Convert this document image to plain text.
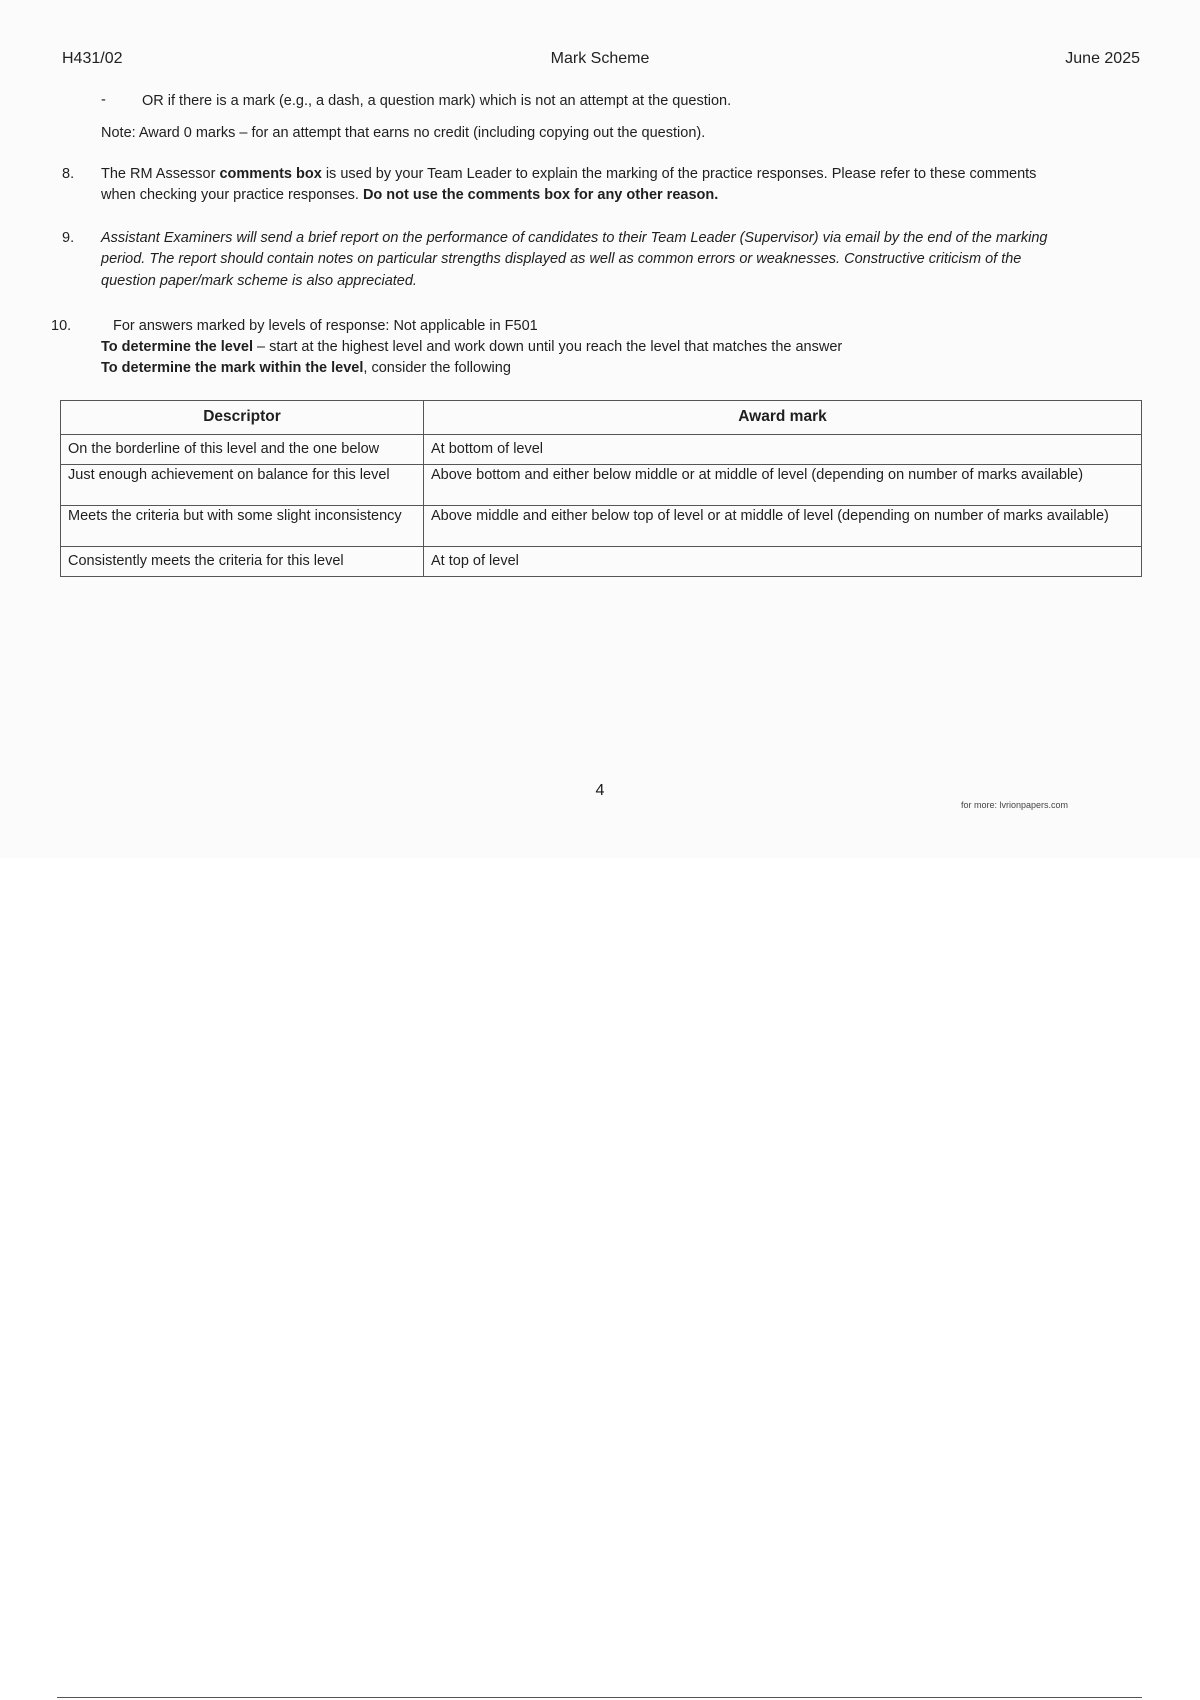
H431/02	Mark Scheme	June 2025
- OR if there is a mark (e.g., a dash, a question mark) which is not an attempt at the question.
Note: Award 0 marks – for an attempt that earns no credit (including copying out the question).
8. The RM Assessor comments box is used by your Team Leader to explain the marking of the practice responses. Please refer to these comments
when checking your practice responses. Do not use the comments box for any other reason.
9. Assistant Examiners will send a brief report on the performance of candidates to their Team Leader (Supervisor) via email by the end of the marking
period. The report should contain notes on particular strengths displayed as well as common errors or weaknesses. Constructive criticism of the
question paper/mark scheme is also appreciated.
10.	For answers marked by levels of response: Not applicable in F501
To determine the level – start at the highest level and work down until you reach the level that matches the answer
To determine the mark within the level, consider the following
Descriptor	Award mark
On the borderline of this level and the one below	At bottom of level
Just enough achievement on balance for this level	Above bottom and either below middle or at middle of level (depending on number of marks available)
Meets the criteria but with some slight inconsistency	Above middle and either below top of level or at middle of level (depending on number of marks available)
Consistently meets the criteria for this level	At top of level
4
for more: lvrionpapers.com
